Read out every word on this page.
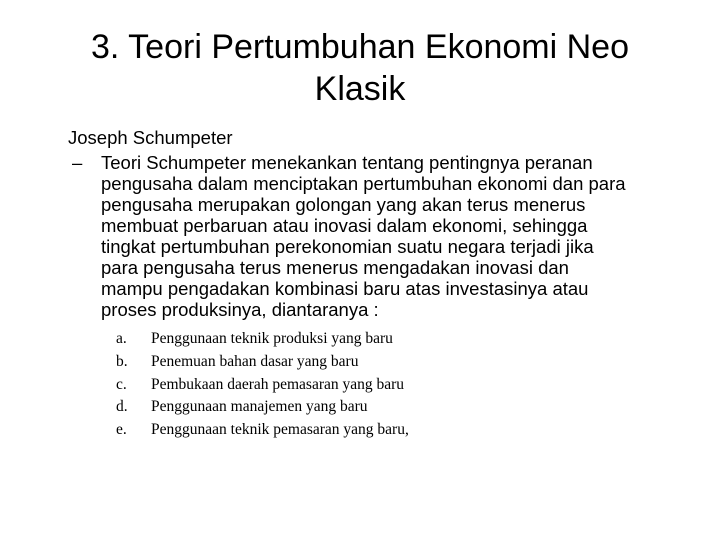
3. Teori Pertumbuhan Ekonomi Neo
Klasik
Joseph Schumpeter
– Teori Schumpeter menekankan tentang pentingnya peranan
pengusaha dalam menciptakan pertumbuhan ekonomi dan para
pengusaha merupakan golongan yang akan terus menerus
membuat perbaruan atau inovasi dalam ekonomi, sehingga
tingkat pertumbuhan perekonomian suatu negara terjadi jika
para pengusaha terus menerus mengadakan inovasi dan
mampu pengadakan kombinasi baru atas investasinya atau
proses produksinya, diantaranya :
a.	Penggunaan teknik produksi yang baru
b.	Penemuan bahan dasar yang baru
c.	Pembukaan daerah pemasaran yang baru
d.	Penggunaan manajemen yang baru
e.	Penggunaan teknik pemasaran yang baru,
